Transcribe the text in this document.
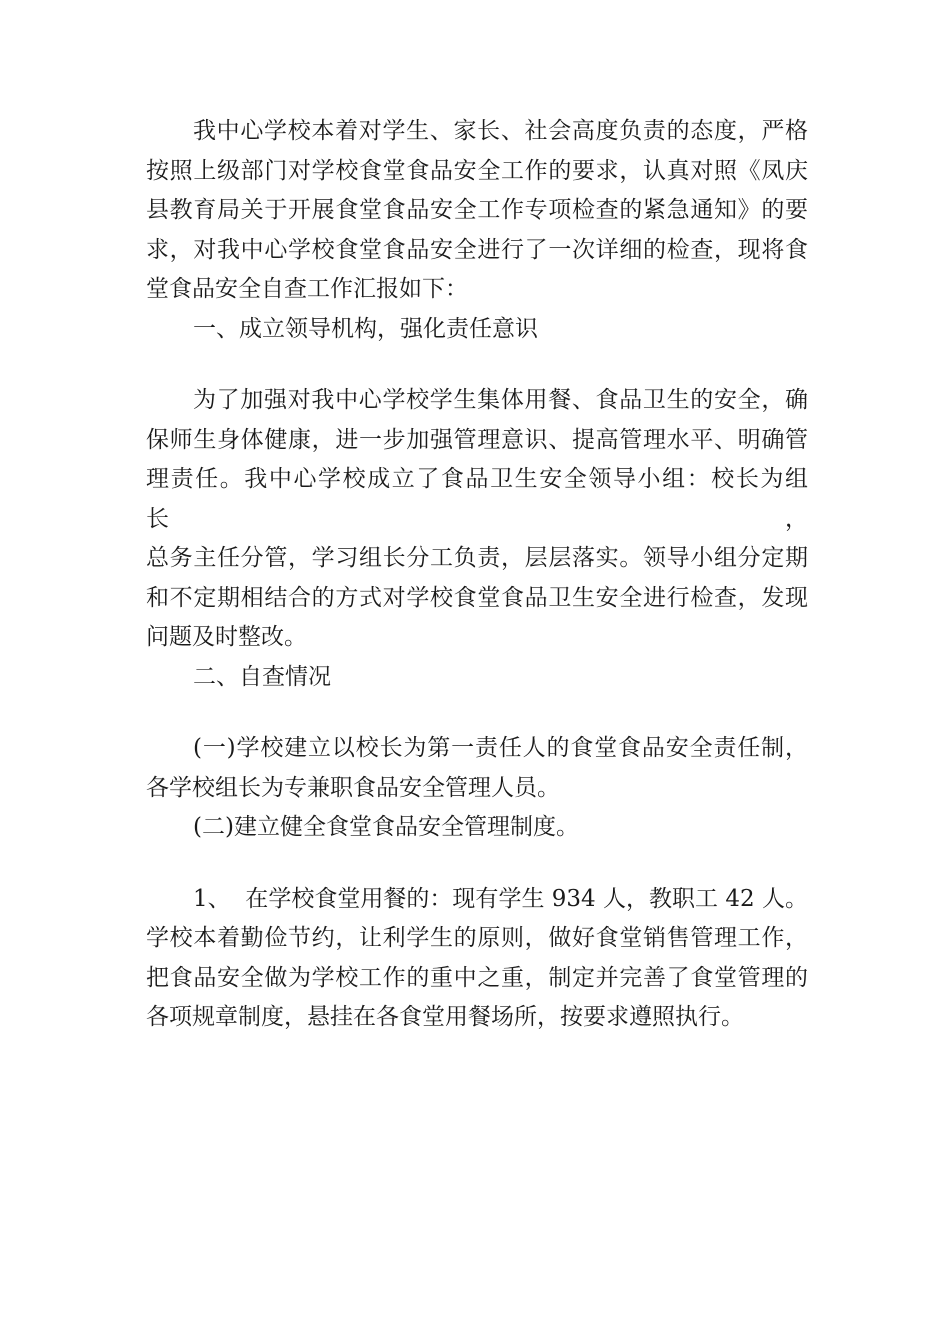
我中心学校本着对学生、家长、社会高度负责的态度，严格
按照上级部门对学校食堂食品安全工作的要求，认真对照《凤庆
县教育局关于开展食堂食品安全工作专项检查的紧急通知》的要
求，对我中心学校食堂食品安全进行了一次详细的检查，现将食
堂食品安全自查工作汇报如下：

一、成立领导机构，强化责任意识

为了加强对我中心学校学生集体用餐、食品卫生的安全，确
保师生身体健康，进一步加强管理意识、提高管理水平、明确管
理责任。我中心学校成立了食品卫生安全领导小组：校长为组长，
总务主任分管，学习组长分工负责，层层落实。领导小组分定期
和不定期相结合的方式对学校食堂食品卫生安全进行检查，发现
问题及时整改。

二、自查情况

(一)学校建立以校长为第一责任人的食堂食品安全责任制，
各学校组长为专兼职食品安全管理人员。

(二)建立健全食堂食品安全管理制度。

1、  在学校食堂用餐的：现有学生 934 人，教职工 42 人。
学校本着勤俭节约，让利学生的原则，做好食堂销售管理工作，
把食品安全做为学校工作的重中之重，制定并完善了食堂管理的
各项规章制度，悬挂在各食堂用餐场所，按要求遵照执行。
